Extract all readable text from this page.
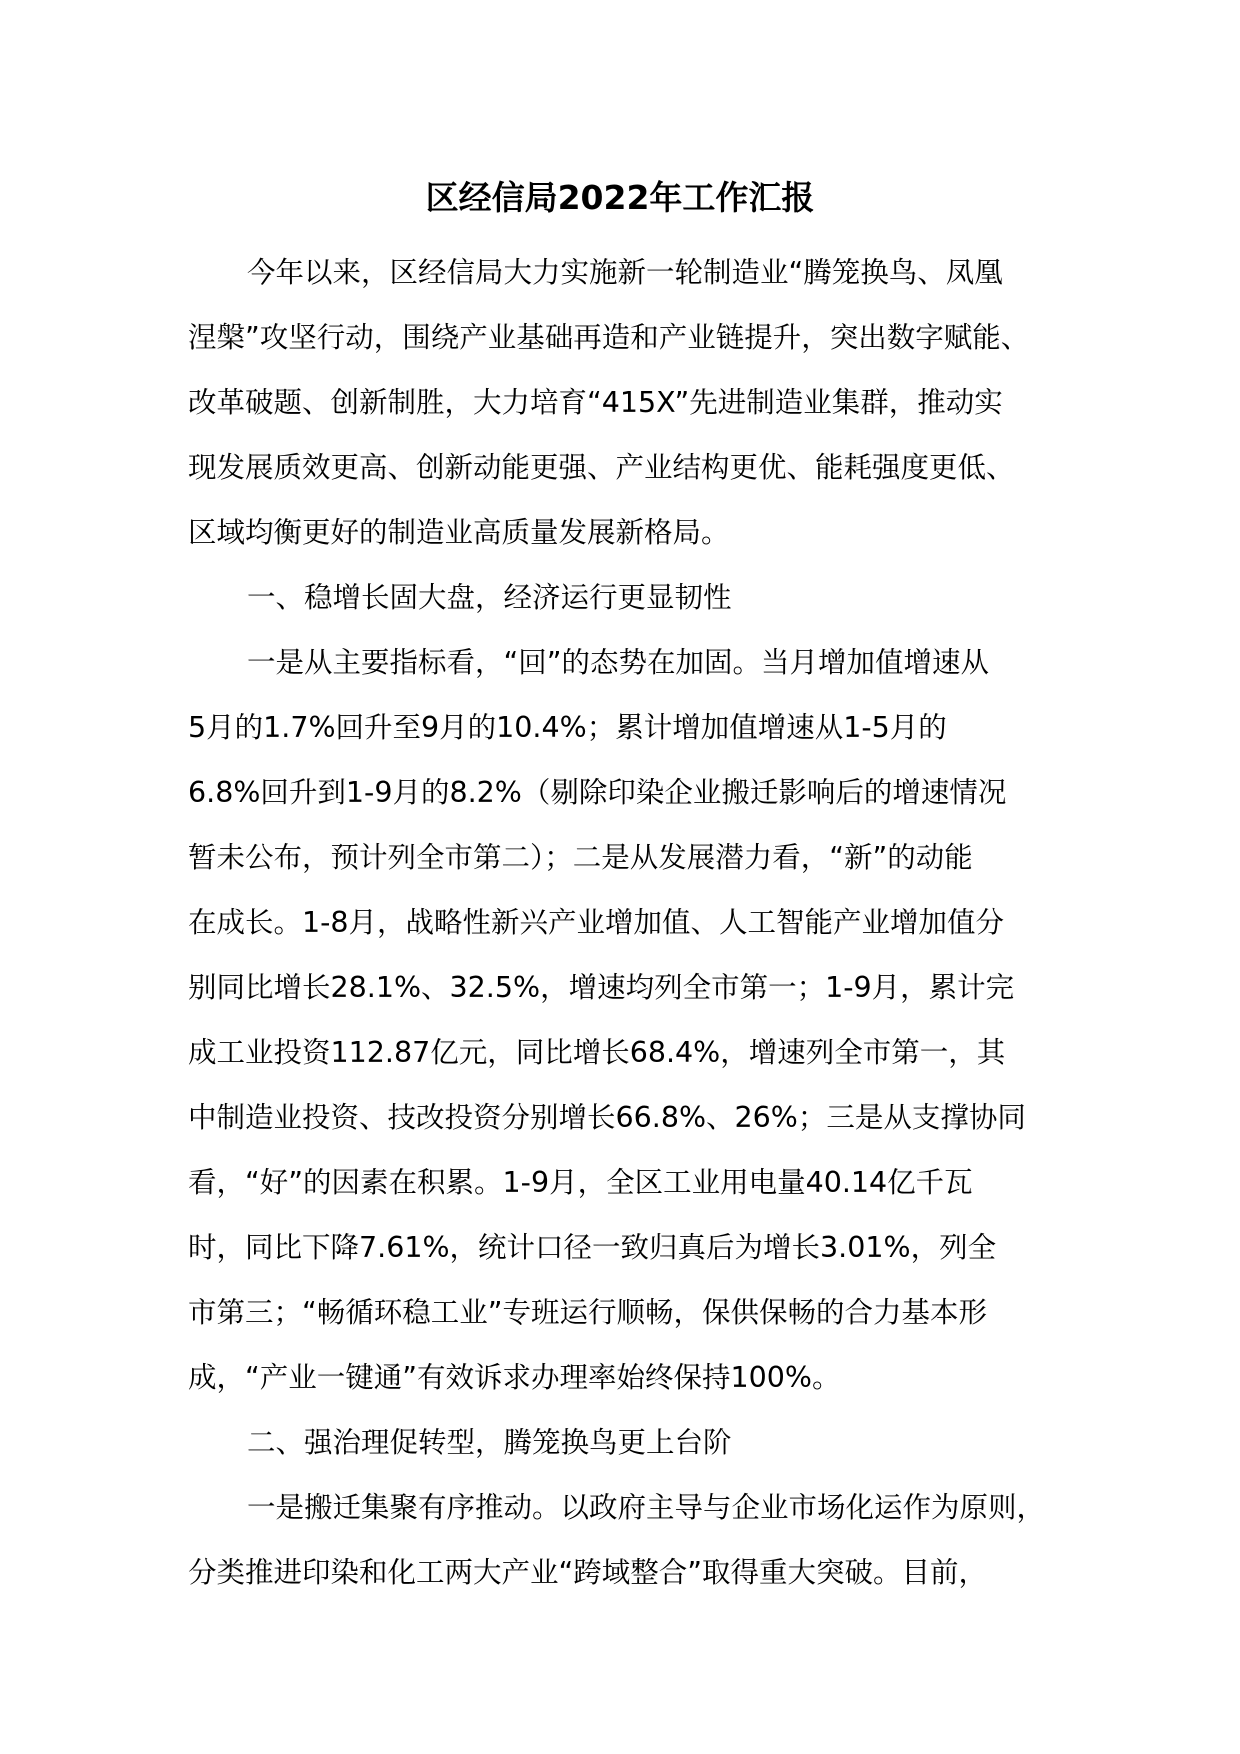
区经信局2022年工作汇报
今年以来，区经信局大力实施新一轮制造业“腾笼换鸟、凤凰
涅槃”攻坚行动，围绕产业基础再造和产业链提升，突出数字赋能、
改革破题、创新制胜，大力培育“415X”先进制造业集群，推动实
现发展质效更高、创新动能更强、产业结构更优、能耗强度更低、
区域均衡更好的制造业高质量发展新格局。
一、稳增长固大盘，经济运行更显韧性
一是从主要指标看，“回”的态势在加固。当月增加值增速从
5月的1.7%回升至9月的10.4%；累计增加值增速从1-5月的
6.8%回升到1-9月的8.2%（剔除印染企业搬迁影响后的增速情况
暂未公布，预计列全市第二）；二是从发展潜力看，“新”的动能
在成长。1-8月，战略性新兴产业增加值、人工智能产业增加值分
别同比增长28.1%、32.5%，增速均列全市第一；1-9月，累计完
成工业投资112.87亿元，同比增长68.4%，增速列全市第一，其
中制造业投资、技改投资分别增长66.8%、26%；三是从支撑协同
看，“好”的因素在积累。1-9月，全区工业用电量40.14亿千瓦
时，同比下降7.61%，统计口径一致归真后为增长3.01%，列全
市第三；“畅循环稳工业”专班运行顺畅，保供保畅的合力基本形
成，“产业一键通”有效诉求办理率始终保持100%。
二、强治理促转型，腾笼换鸟更上台阶
一是搬迁集聚有序推动。以政府主导与企业市场化运作为原则，
分类推进印染和化工两大产业“跨域整合”取得重大突破。目前，
